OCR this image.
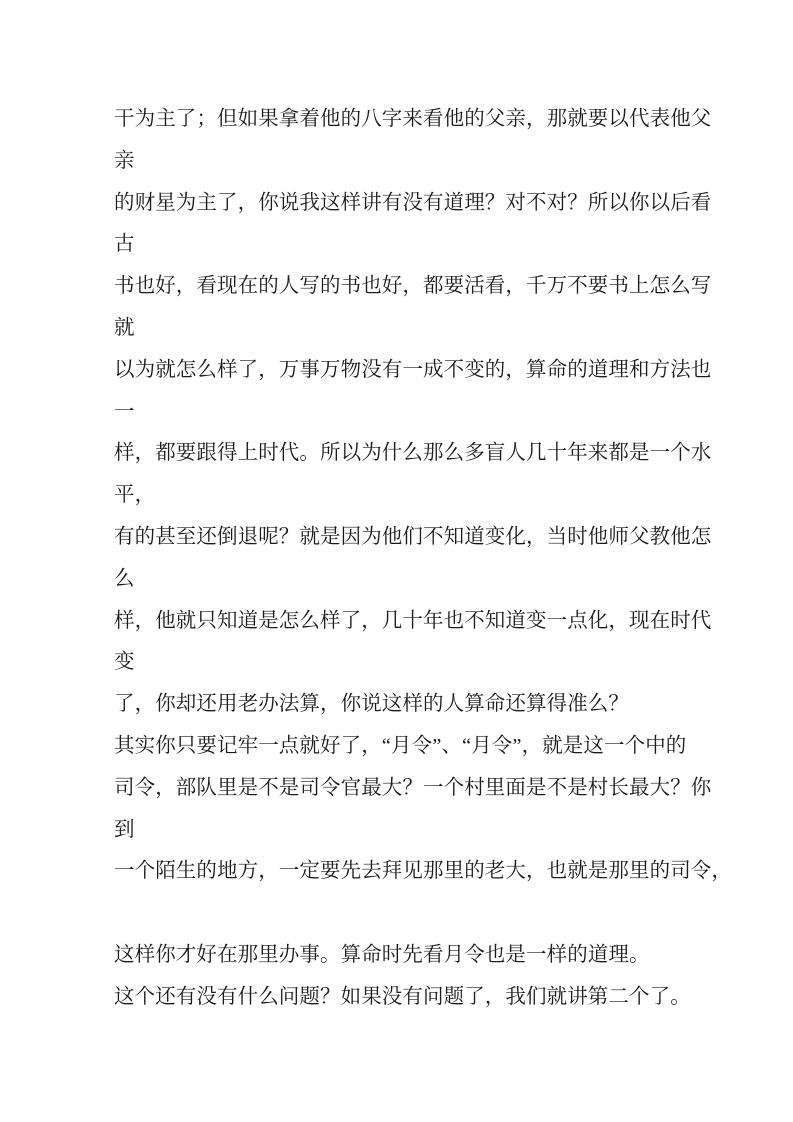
干为主了；但如果拿着他的八字来看他的父亲，那就要以代表他父
亲
的财星为主了，你说我这样讲有没有道理？对不对？所以你以后看
古
书也好，看现在的人写的书也好，都要活看，千万不要书上怎么写
就
以为就怎么样了，万事万物没有一成不变的，算命的道理和方法也
一
样，都要跟得上时代。所以为什么那么多盲人几十年来都是一个水
平，
有的甚至还倒退呢？就是因为他们不知道变化，当时他师父教他怎
么
样，他就只知道是怎么样了，几十年也不知道变一点化，现在时代
变
了，你却还用老办法算，你说这样的人算命还算得准么？
其实你只要记牢一点就好了，“月令”、“月令”，就是这一个中的
司令，部队里是不是司令官最大？一个村里面是不是村长最大？你
到
一个陌生的地方，一定要先去拜见那里的老大，也就是那里的司令，
这样你才好在那里办事。算命时先看月令也是一样的道理。
这个还有没有什么问题？如果没有问题了，我们就讲第二个了。
